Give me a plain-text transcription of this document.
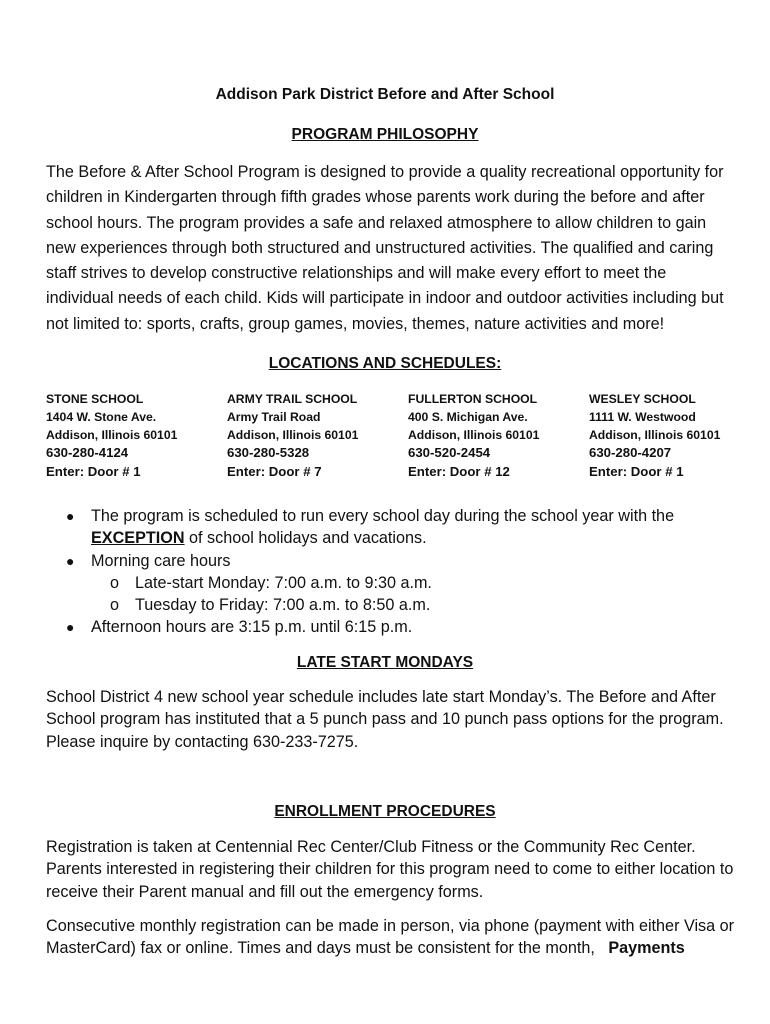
Addison Park District Before and After School
PROGRAM PHILOSOPHY
The Before & After School Program is designed to provide a quality recreational opportunity for children in Kindergarten through fifth grades whose parents work during the before and after school hours. The program provides a safe and relaxed atmosphere to allow children to gain new experiences through both structured and unstructured activities. The qualified and caring staff strives to develop constructive relationships and will make every effort to meet the individual needs of each child. Kids will participate in indoor and outdoor activities including but not limited to: sports, crafts, group games, movies, themes, nature activities and more!
LOCATIONS AND SCHEDULES:
STONE SCHOOL
1404 W. Stone Ave.
Addison, Illinois 60101
630-280-4124
Enter: Door # 1
ARMY TRAIL SCHOOL
Army Trail Road
Addison, Illinois 60101
630-280-5328
Enter: Door # 7
FULLERTON SCHOOL
400 S. Michigan Ave.
Addison, Illinois 60101
630-520-2454
Enter: Door # 12
WESLEY SCHOOL
1111 W. Westwood
Addison, Illinois 60101
630-280-4207
Enter: Door # 1
●	The program is scheduled to run every school day during the school year with the
EXCEPTION of school holidays and vacations.
●	Morning care hours
o Late-start Monday: 7:00 a.m. to 9:30 a.m.
o Tuesday to Friday: 7:00 a.m. to 8:50 a.m.
●	Afternoon hours are 3:15 p.m. until 6:15 p.m.
LATE START MONDAYS
School District 4 new school year schedule includes late start Monday’s. The Before and After School program has instituted that a 5 punch pass and 10 punch pass options for the program. Please inquire by contacting 630-233-7275.
ENROLLMENT PROCEDURES
Registration is taken at Centennial Rec Center/Club Fitness or the Community Rec Center. Parents interested in registering their children for this program need to come to either location to receive their Parent manual and fill out the emergency forms.
Consecutive monthly registration can be made in person, via phone (payment with either Visa or MasterCard) fax or online. Times and days must be consistent for the month, Payments
